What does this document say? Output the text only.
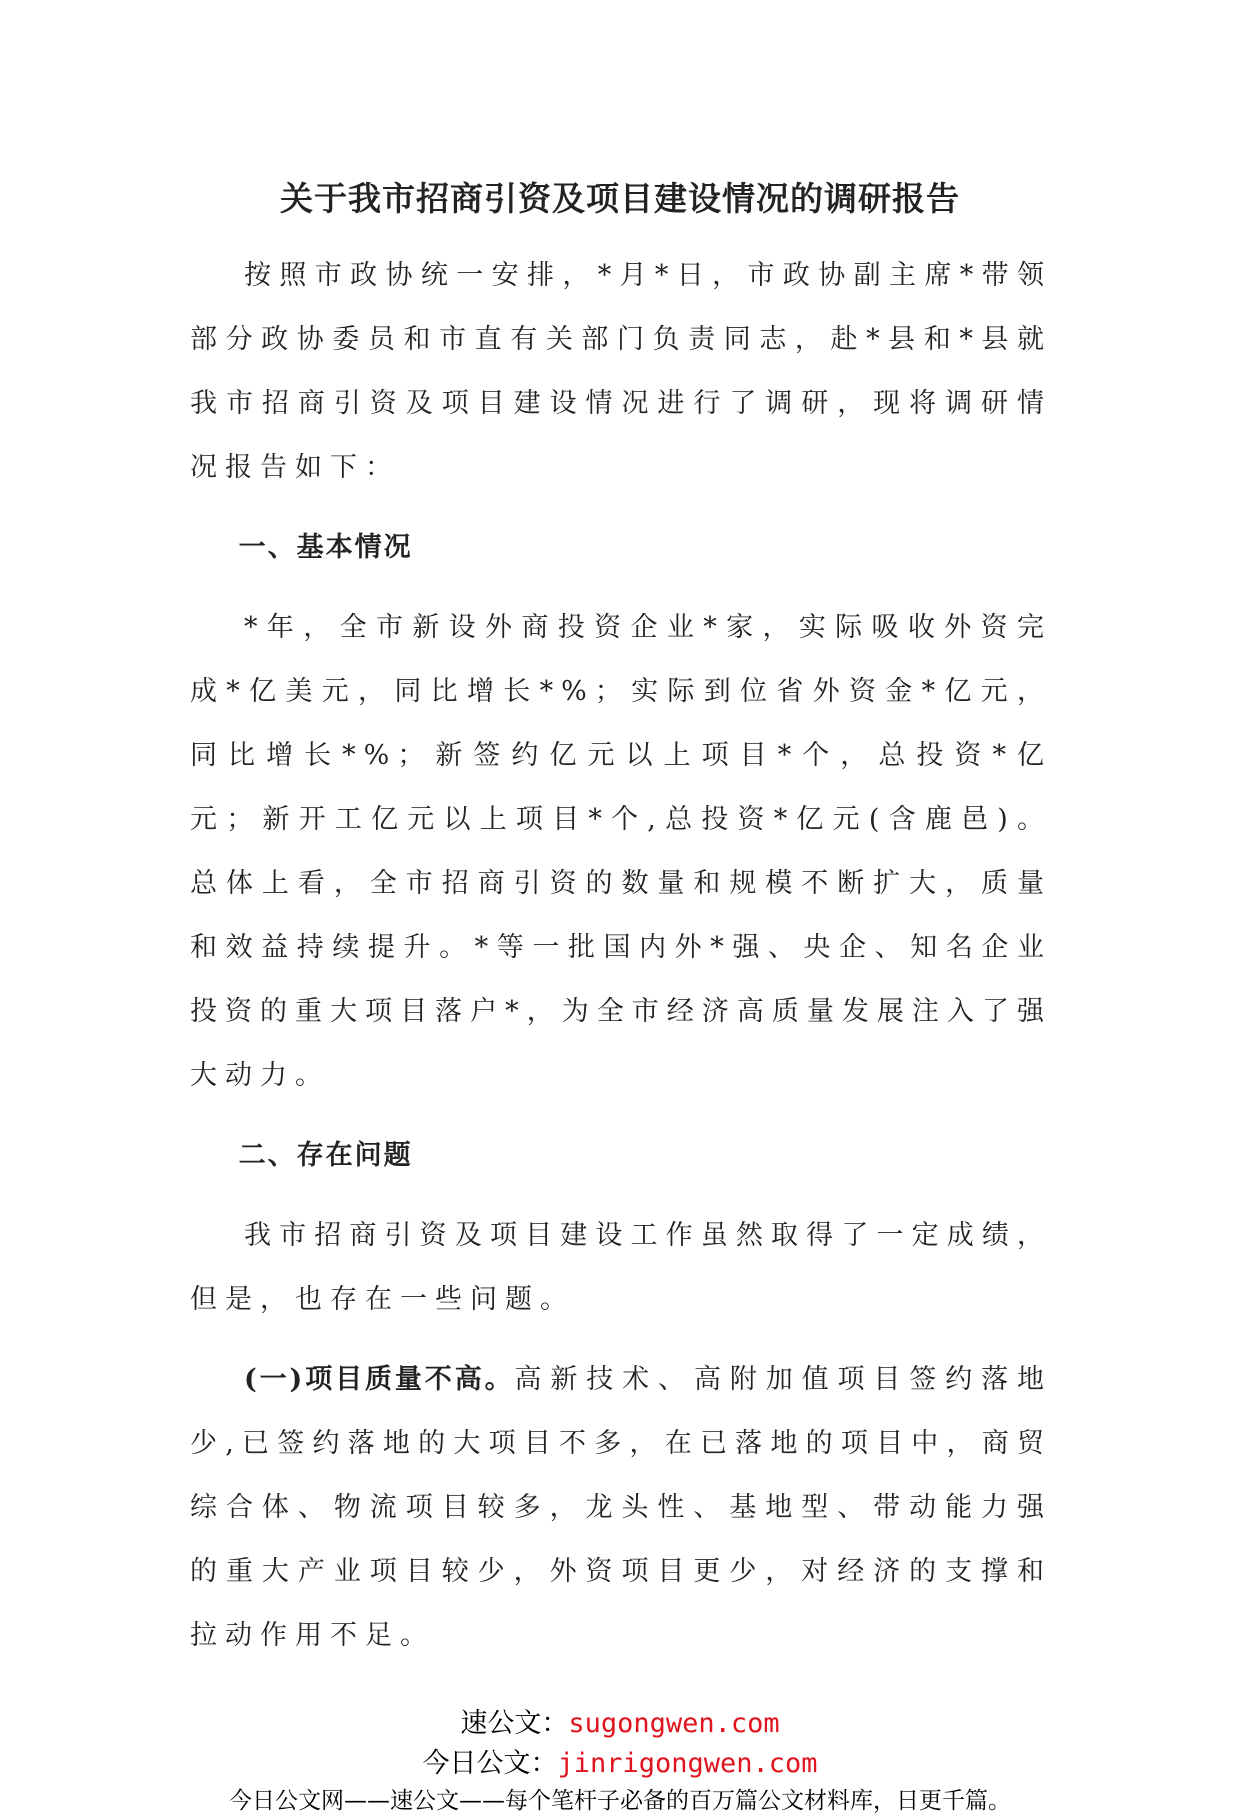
关于我市招商引资及项目建设情况的调研报告

按照市政协统一安排，*月*日，市政协副主席*带领部分政协委员和市直有关部门负责同志，赴*县和*县就我市招商引资及项目建设情况进行了调研，现将调研情况报告如下：

一、基本情况

*年，全市新设外商投资企业*家，实际吸收外资完成*亿美元，同比增长*%；实际到位省外资金*亿元，同比增长*%；新签约亿元以上项目*个，总投资*亿元；新开工亿元以上项目*个,总投资*亿元(含鹿邑)。总体上看，全市招商引资的数量和规模不断扩大，质量和效益持续提升。*等一批国内外*强、央企、知名企业投资的重大项目落户*，为全市经济高质量发展注入了强大动力。

二、存在问题

我市招商引资及项目建设工作虽然取得了一定成绩，但是，也存在一些问题。

(一)项目质量不高。高新技术、高附加值项目签约落地少,已签约落地的大项目不多，在已落地的项目中，商贸综合体、物流项目较多，龙头性、基地型、带动能力强的重大产业项目较少，外资项目更少，对经济的支撑和拉动作用不足。

速公文：sugongwen.com
今日公文：jinrigongwen.com
今日公文网——速公文——每个笔杆子必备的百万篇公文材料库，日更千篇。
